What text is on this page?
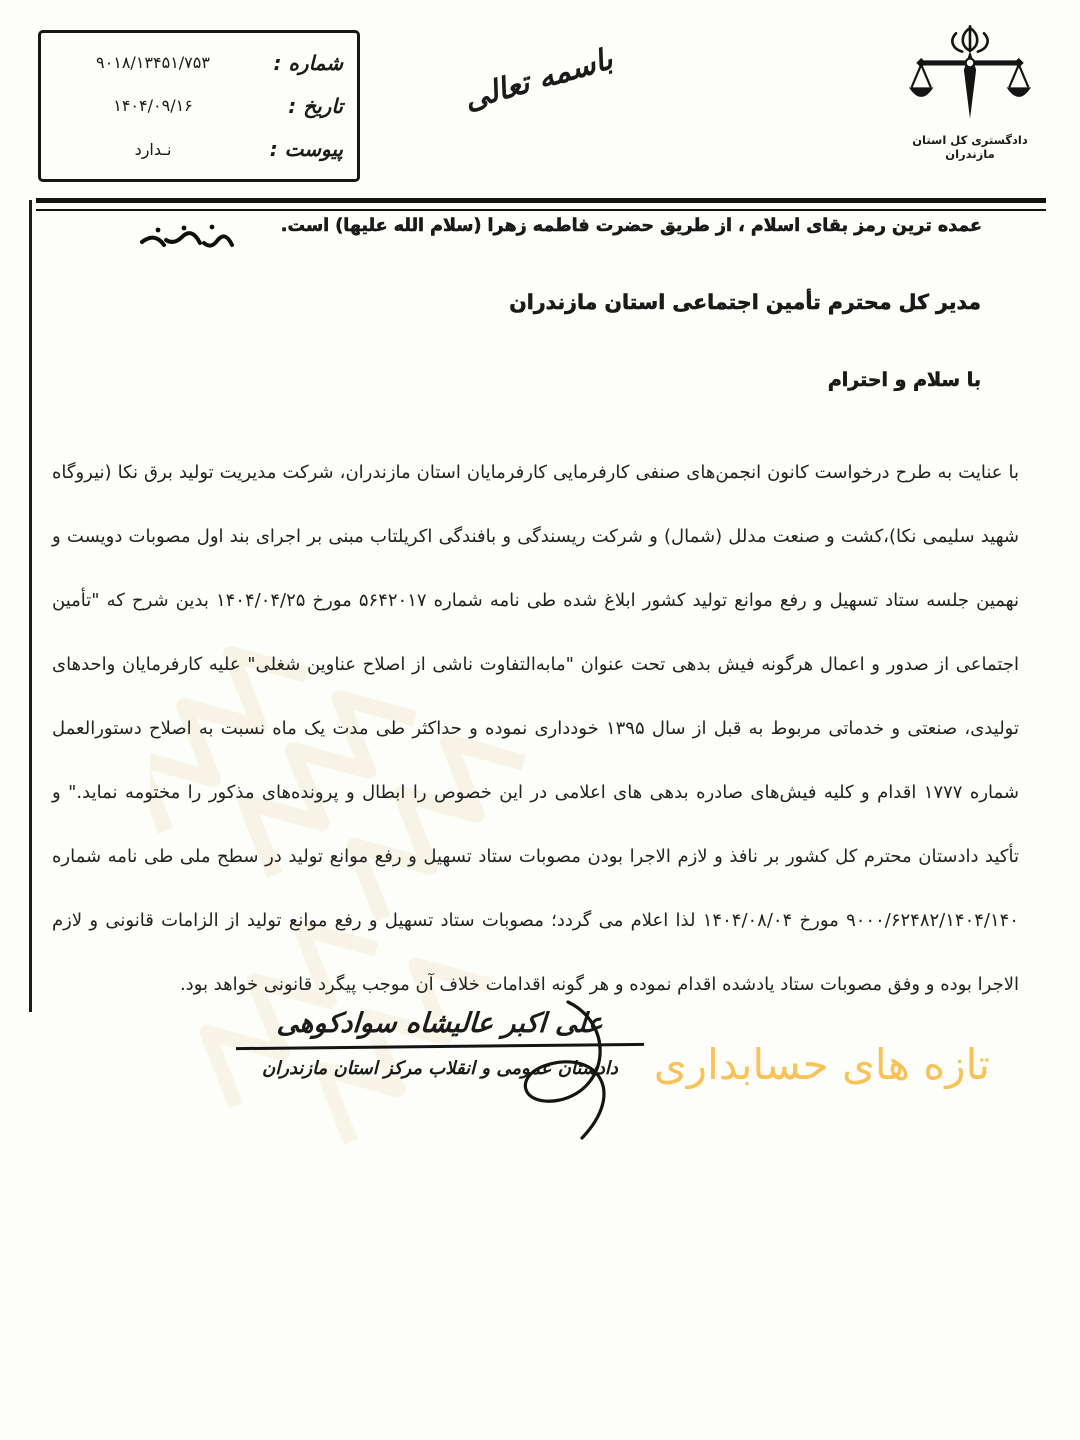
شماره :
۹۰۱۸/۱۳۴۵۱/۷۵۳
تاریخ :
۱۴۰۴/۰۹/۱۶
پیوست :
نـدارد
باسمه تعالی
دادگستری کل استان مازندران
عمده ترین رمز بقای اسلام ، از طریق حضرت فاطمه زهرا (سلام الله علیها) است.
مدیر کل محترم تأمین اجتماعی استان مازندران
با سلام و احترام
با عنایت به طرح درخواست کانون انجمن‌های صنفی کارفرمایی کارفرمایان استان مازندران، شرکت مدیریت تولید برق نکا (نیروگاه
شهید سلیمی نکا)،کشت و صنعت مدلل (شمال) و شرکت ریسندگی و بافندگی اکریلتاب مبنی بر اجرای بند اول مصوبات دویست و
نهمین جلسه ستاد تسهیل و رفع موانع تولید کشور ابلاغ شده طی نامه شماره ۵۶۴۲۰۱۷ مورخ ۱۴۰۴/۰۴/۲۵ بدین شرح که "تأمین
اجتماعی از صدور و اعمال هرگونه فیش بدهی تحت عنوان "مابه‌التفاوت ناشی از اصلاح عناوین شغلی" علیه کارفرمایان واحدهای
تولیدی، صنعتی و خدماتی مربوط به قبل از سال ۱۳۹۵ خودداری نموده و حداکثر طی مدت یک ماه نسبت به اصلاح دستورالعمل
شماره ۱۷۷۷ اقدام و کلیه فیش‌های صادره بدهی های اعلامی در این خصوص را ابطال و پرونده‌های مذکور را مختومه نماید." و
تأکید دادستان محترم کل کشور بر نافذ و لازم الاجرا بودن مصوبات ستاد تسهیل و رفع موانع تولید در سطح ملی طی نامه شماره
۹۰۰۰/۶۲۴۸۲/۱۴۰۴/۱۴۰ مورخ ۱۴۰۴/۰۸/۰۴ لذا اعلام می گردد؛ مصوبات ستاد تسهیل و رفع موانع تولید از الزامات قانونی و لازم
الاجرا بوده و وفق مصوبات ستاد یادشده اقدام نموده و هر گونه اقدامات خلاف آن موجب پیگرد قانونی خواهد بود.
علی اکبر عالیشاه سوادکوهی
دادستان عمومی و انقلاب مرکز استان مازندران تازه های حسابداری
